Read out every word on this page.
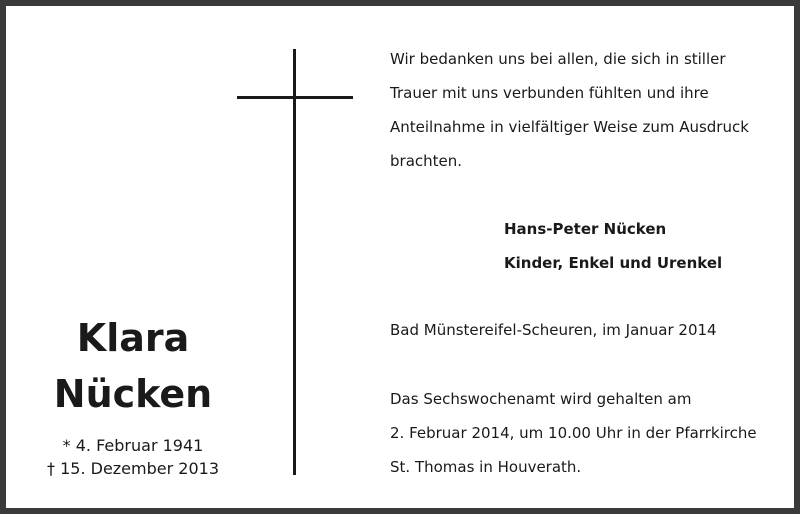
Wir bedanken uns bei allen, die sich in stiller
Trauer mit uns verbunden fühlten und ihre
Anteilnahme in vielfältiger Weise zum Ausdruck
brachten.
Hans-Peter Nücken
Kinder, Enkel und Urenkel
Bad Münstereifel-Scheuren, im Januar 2014
Das Sechswochenamt wird gehalten am
2. Februar 2014, um 10.00 Uhr in der Pfarrkirche
St. Thomas in Houverath.
Klara
Nücken
* 4. Februar 1941
† 15. Dezember 2013
